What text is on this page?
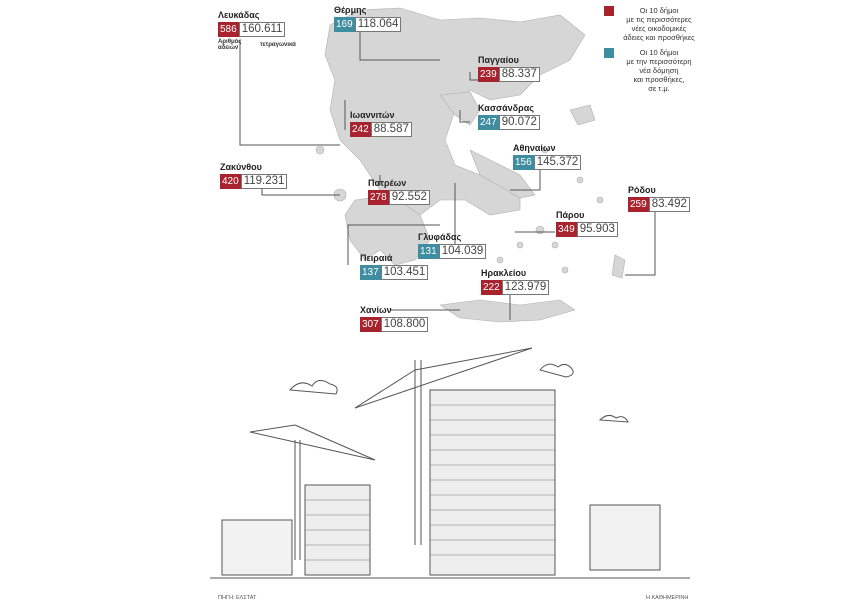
Λευκάδας
586 160.611
Αριθμός αδειών	τετραγωνικά
Θέρμης
169 118.064
Παγγαίου
239 88.337
Κασσάνδρας
247 90.072
Ιωαννιτών
242 88.587
Αθηναίων
156 145.372
Ζακύνθου
420 119.231	Πατρέων
278 92.552
Ρόδου
259 83.492
Πάρου
349 95.903
Γλυφάδας
131 104.039
Πειραιά
137 103.451	Ηρακλείου
222 123.979
Χανίων
307 108.800
Οι 10 δήμοι
με τις περισσότερες
νέες οικοδομικές
άδειες και προσθήκες
Οι 10 δήμοι
με την περισσότερη
νέα δόμηση
και προσθήκες,
σε τ.μ.
ΠΗΓΗ: ΕΛΣΤΑΤ	Η ΚΑΘΗΜΕΡΙΝΗ
